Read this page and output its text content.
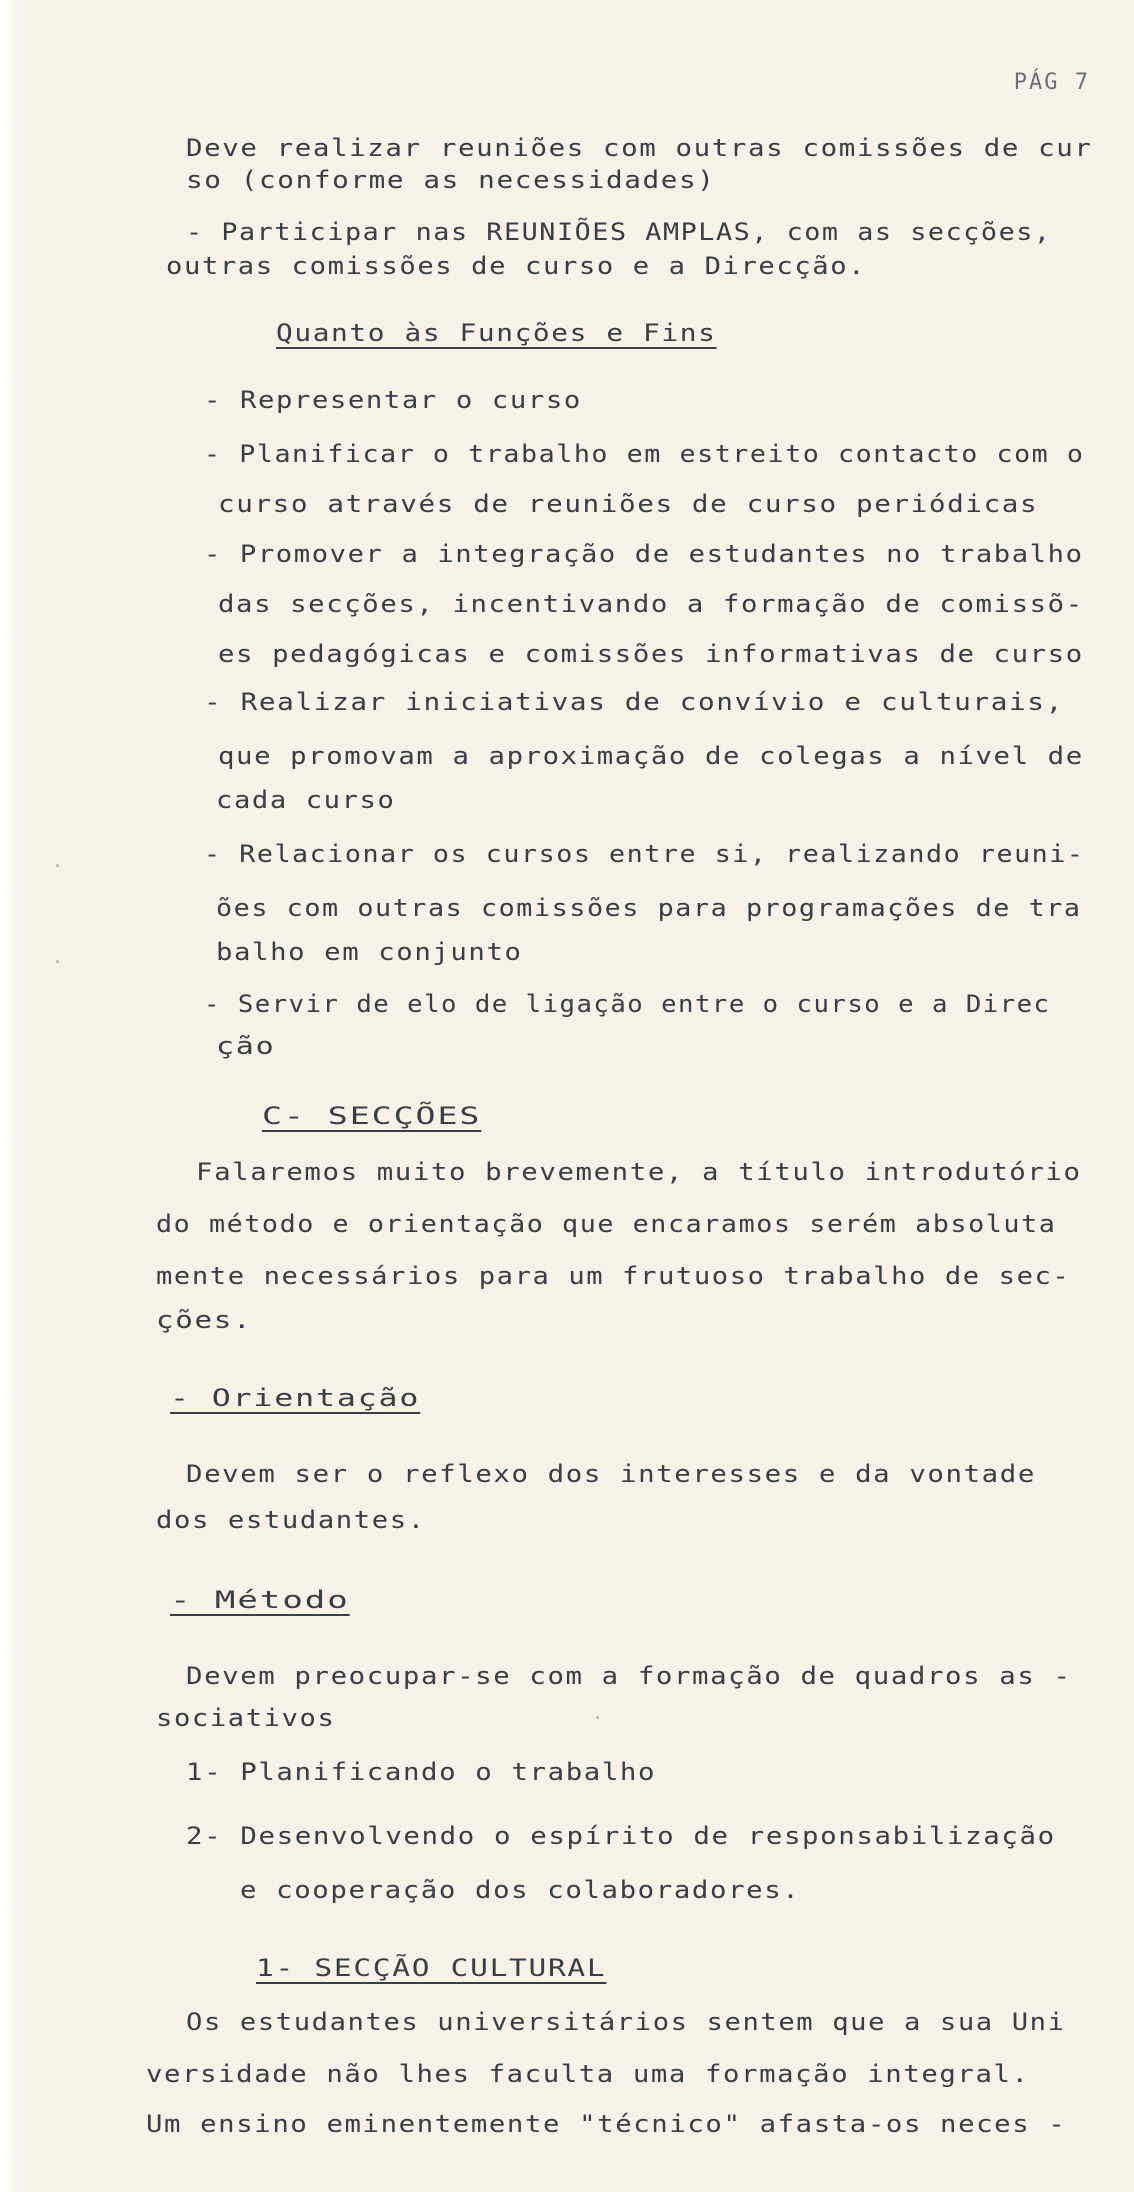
PÁG 7
Deve realizar reuniões com outras comissões de cur
so (conforme as necessidades)
- Participar nas REUNIÕES AMPLAS, com as secções,
outras comissões de curso e a Direcção.
Quanto às Funções e Fins
- Representar o curso
- Planificar o trabalho em estreito contacto com o
curso através de reuniões de curso periódicas
- Promover a integração de estudantes no trabalho
das secções, incentivando a formação de comissõ-
es pedagógicas e comissões informativas de curso
- Realizar iniciativas de convívio e culturais,
que promovam a aproximação de colegas a nível de
cada curso
- Relacionar os cursos entre si, realizando reuni-
ões com outras comissões para programações de tra
balho em conjunto
- Servir de elo de ligação entre o curso e a Direc
ção
C- SECÇÕES
Falaremos muito brevemente, a título introdutório
do método e orientação que encaramos serém absoluta
mente necessários para um frutuoso trabalho de sec-
ções.
- Orientação
Devem ser o reflexo dos interesses e da vontade
dos estudantes.
- Método
Devem preocupar-se com a formação de quadros as -
sociativos
1- Planificando o trabalho
2- Desenvolvendo o espírito de responsabilização
e cooperação dos colaboradores.
1- SECÇÃO CULTURAL
Os estudantes universitários sentem que a sua Uni
versidade não lhes faculta uma formação integral.
Um ensino eminentemente "técnico" afasta-os neces -
